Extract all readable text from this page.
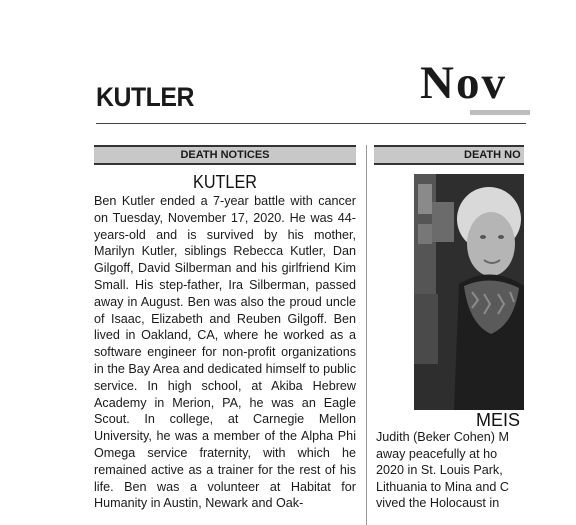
KUTLER	Nov
DEATH NOTICES
KUTLER

Ben Kutler ended a 7-year battle with cancer on Tuesday, November 17, 2020. He was 44-years-old and is survived by his mother, Marilyn Kutler, siblings Rebecca Kutler, Dan Gilgoff, David Silberman and his girlfriend Kim Small. His step-father, Ira Silberman, passed away in August. Ben was also the proud uncle of Isaac, Elizabeth and Reuben Gilgoff. Ben lived in Oakland, CA, where he worked as a software engineer for non-profit organizations in the Bay Area and dedicated himself to public service. In high school, at Akiba Hebrew Academy in Merion, PA, he was an Eagle Scout. In college, at Carnegie Mellon University, he was a member of the Alpha Phi Omega service fraternity, with which he remained active as a trainer for the rest of his life. Ben was a volunteer at Habitat for Humanity in Austin, Newark and Oak-

DEATH NO
MEIS
Judith (Beker Cohen) M
away peacefully at ho
2020 in St. Louis Park,
Lithuania to Mina and C
vived the Holocaust in
